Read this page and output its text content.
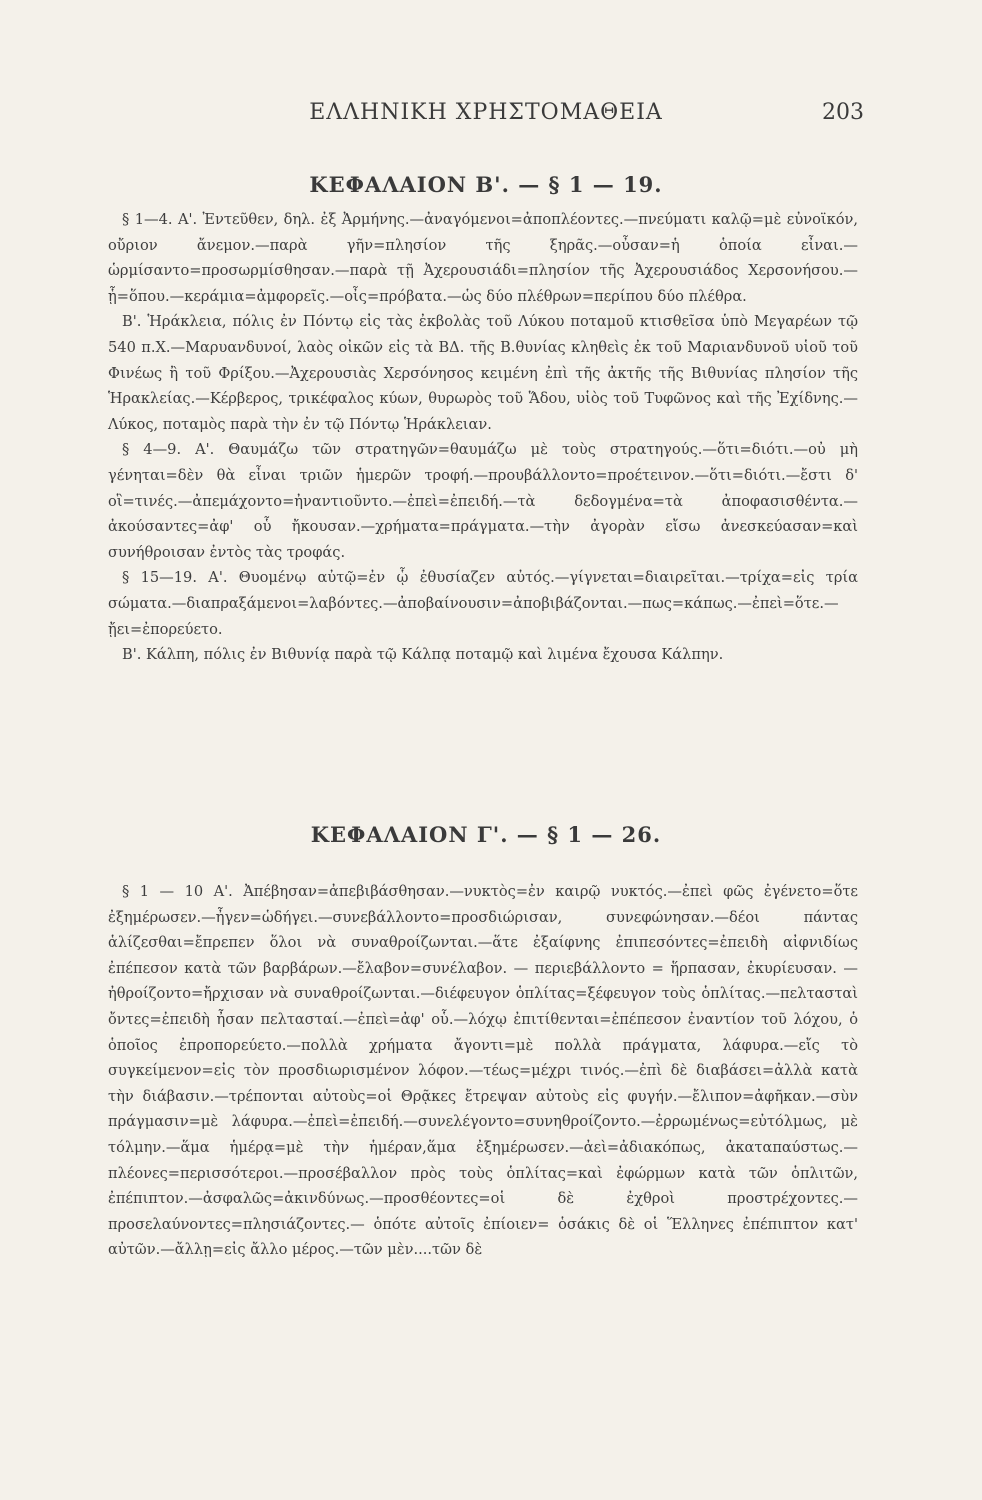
ΕΛΛΗΝΙΚΗ ΧΡΗΣΤΟΜΑΘΕΙΑ	203
ΚΕΦΑΛΑΙΟΝ Β'. — § 1 — 19.

§ 1—4. Α'. Ἐντεῦθεν, δηλ. ἐξ Ἀρμήνης.—ἀναγόμενοι=ἀποπλέοντες.—πνεύματι καλῷ=μὲ εὐνοϊκόν, οὔριον ἄνεμον.—παρὰ γῆν=πλησίον τῆς ξηρᾶς.—οὖσαν=ἡ ὁποία εἶναι.—ὡρμίσαντο=προσωρμίσθησαν.—παρὰ τῇ Ἀχερουσιάδι=πλησίον τῆς Ἀχερουσιάδος Χερσονήσου.—ᾗ=ὅπου.—κεράμια=ἀμφορεῖς.—οἶς=πρόβατα.—ὡς δύο πλέθρων=περίπου δύο πλέθρα.

Β'. Ἡράκλεια, πόλις ἐν Πόντῳ εἰς τὰς ἐκβολὰς τοῦ Λύκου ποταμοῦ κτισθεῖσα ὑπὸ Μεγαρέων τῷ 540 π.Χ.—Μαρυανδυνοί, λαὸς οἰκῶν εἰς τὰ ΒΔ. τῆς Β.θυνίας κληθεὶς ἐκ τοῦ Μαριανδυνοῦ υἱοῦ τοῦ Φινέως ἢ τοῦ Φρίξου.—Ἀχερουσιὰς Χερσόνησος κειμένη ἐπὶ τῆς ἀκτῆς τῆς Βιθυνίας πλησίον τῆς Ἡρακλείας.—Κέρβερος, τρικέφαλος κύων, θυρωρὸς τοῦ Ἅδου, υἱὸς τοῦ Τυφῶνος καὶ τῆς Ἐχίδνης.—Λύκος, ποταμὸς παρὰ τὴν ἐν τῷ Πόντῳ Ἡράκλειαν.

§ 4—9. Α'. Θαυμάζω τῶν στρατηγῶν=θαυμάζω μὲ τοὺς στρατηγούς.—ὅτι=διότι.—οὐ μὴ γένηται=δὲν θὰ εἶναι τριῶν ἡμερῶν τροφή.—προυβάλλοντο=προέτεινον.—ὅτι=διότι.—ἔστι δ' οἳ=τινές.—ἀπεμάχοντο=ἠναντιοῦντο.—ἐπεὶ=ἐπειδή.—τὰ δεδογμένα=τὰ ἀποφασισθέντα.—ἀκούσαντες=ἀφ' οὗ ἤκουσαν.—χρήματα=πράγματα.—τὴν ἀγορὰν εἴσω ἀνεσκεύασαν=καὶ συνήθροισαν ἐντὸς τὰς τροφάς.

§ 15—19. Α'. Θυομένῳ αὐτῷ=ἐν ᾧ ἐθυσίαζεν αὐτός.—γίγνεται=διαιρεῖται.—τρίχα=εἰς τρία σώματα.—διαπραξάμενοι=λαβόντες.—ἀποβαίνουσιν=ἀποβιβάζονται.—πως=κάπως.—ἐπεὶ=ὅτε.—ᾔει=ἐπορεύετο.

Β'. Κάλπη, πόλις ἐν Βιθυνίᾳ παρὰ τῷ Κάλπᾳ ποταμῷ καὶ λιμένα ἔχουσα Κάλπην.

ΚΕΦΑΛΑΙΟΝ Γ'. — § 1 — 26.

§ 1 — 10 Α'. Ἀπέβησαν=ἀπεβιβάσθησαν.—νυκτὸς=ἐν καιρῷ νυκτός.—ἐπεὶ φῶς ἐγένετο=ὅτε ἐξημέρωσεν.—ἦγεν=ὡδήγει.—συνεβάλλοντο=προσδιώρισαν, συνεφώνησαν.—δέοι πάντας ἁλίζεσθαι=ἔπρεπεν ὅλοι νὰ συναθροίζωνται.—ἅτε ἐξαίφνης ἐπιπεσόντες=ἐπειδὴ αἰφνιδίως ἐπέπεσον κατὰ τῶν βαρβάρων.—ἔλαβον=συνέλαβον. — περιεβάλλοντο = ἥρπασαν, ἐκυρίευσαν. — ἠθροίζοντο=ἤρχισαν νὰ συναθροίζωνται.—διέφευγον ὁπλίτας=ξέφευγον τοὺς ὁπλίτας.—πελτασταὶ ὄντες=ἐπειδὴ ἦσαν πελτασταί.—ἐπεὶ=ἀφ' οὗ.—λόχῳ ἐπιτίθενται=ἐπέπεσον ἐναντίον τοῦ λόχου, ὁ ὁποῖος ἐπροπορεύετο.—πολλὰ χρήματα ἄγοντι=μὲ πολλὰ πράγματα, λάφυρα.—εἴς τὸ συγκείμενον=εἰς τὸν προσδιωρισμένον λόφον.—τέως=μέχρι τινός.—ἐπὶ δὲ διαβάσει=ἀλλὰ κατὰ τὴν διάβασιν.—τρέπονται αὐτοὺς=οἱ Θρᾷκες ἔτρεψαν αὐτοὺς εἰς φυγήν.—ἔλιπον=ἀφῆκαν.—σὺν πράγμασιν=μὲ λάφυρα.—ἐπεὶ=ἐπειδή.—συνελέγοντο=συνηθροίζοντο.—ἐρρωμένως=εὐτόλμως, μὲ τόλμην.—ἅμα ἡμέρᾳ=μὲ τὴν ἡμέραν,ἅμα ἐξημέρωσεν.—ἀεὶ=ἀδιακόπως, ἀκαταπαύστως.—πλέονες=περισσότεροι.—προσέβαλλον πρὸς τοὺς ὁπλίτας=καὶ ἐφώρμων κατὰ τῶν ὁπλιτῶν, ἐπέπιπτον.—ἀσφαλῶς=ἀκινδύνως.—προσθέοντες=οἱ δὲ ἐχθροὶ προστρέχοντες.—προσελαύνοντες=πλησιάζοντες.— ὁπότε αὐτοῖς ἐπίοιεν= ὁσάκις δὲ οἱ Ἕλληνες ἐπέπιπτον κατ' αὐτῶν.—ἄλλῃ=εἰς ἄλλο μέρος.—τῶν μὲν....τῶν δὲ
